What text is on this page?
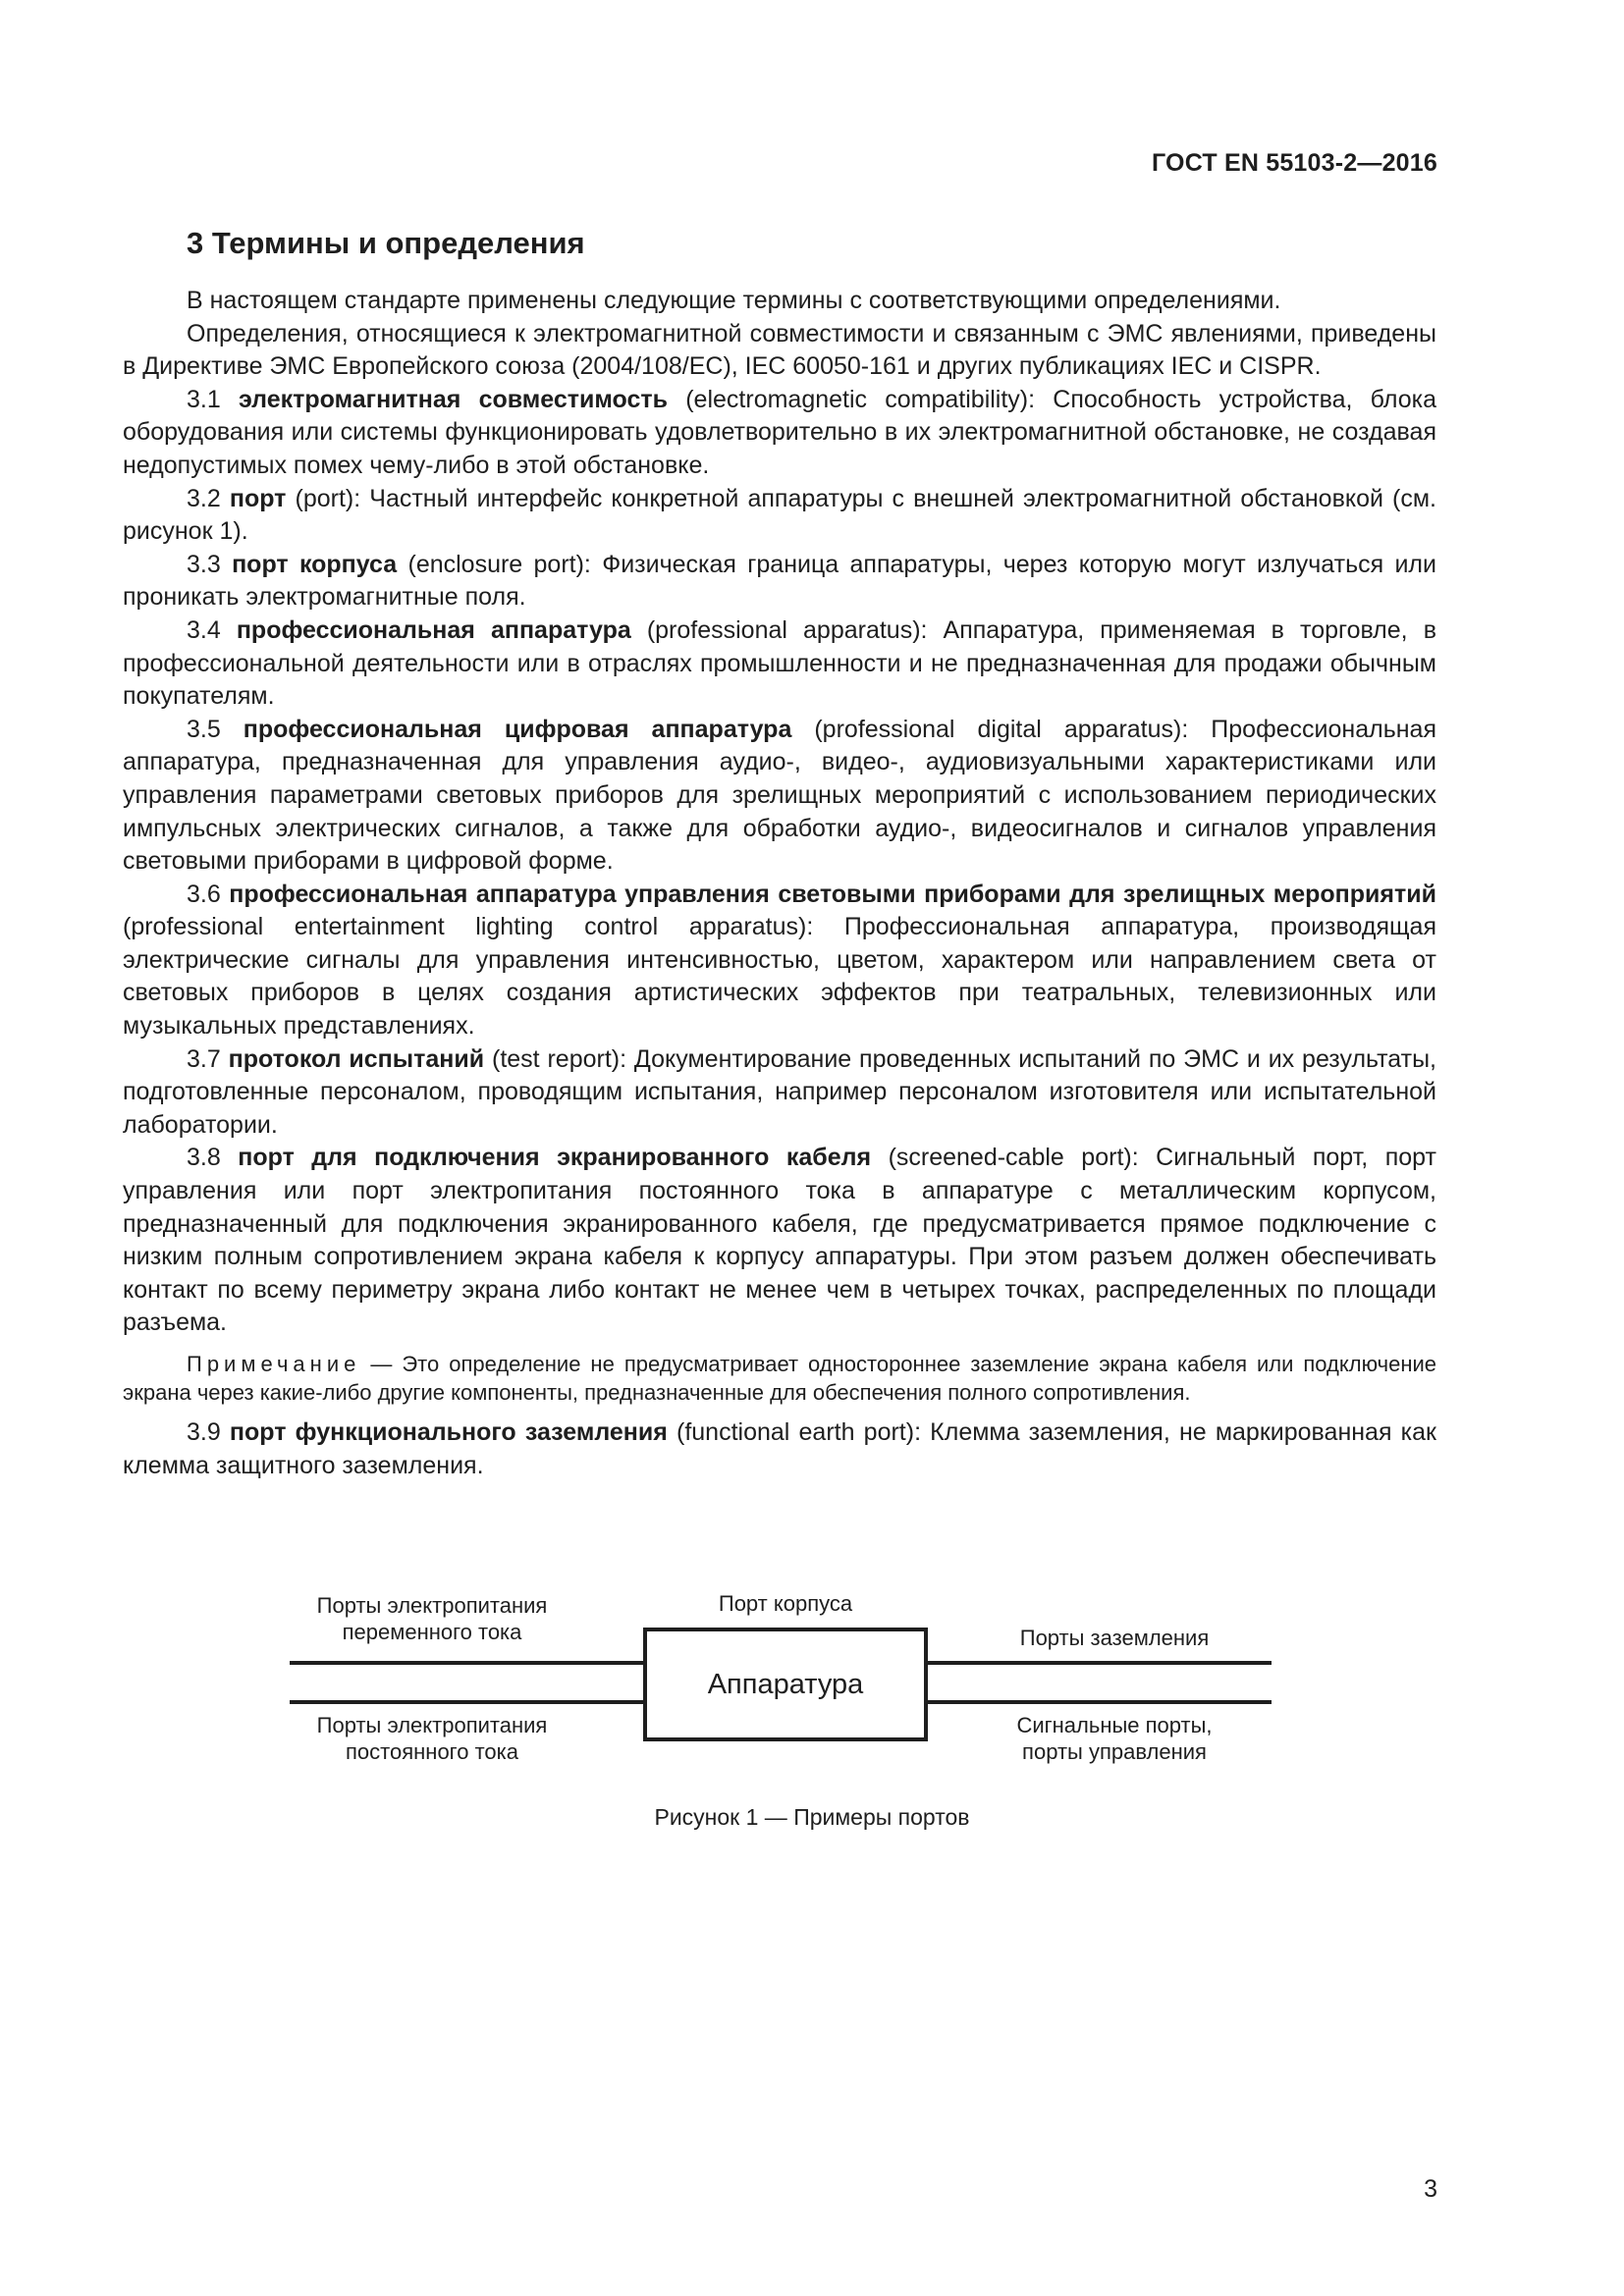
ГОСТ EN 55103-2—2016
3 Термины и определения

В настоящем стандарте применены следующие термины с соответствующими определениями.

Определения, относящиеся к электромагнитной совместимости и связанным с ЭМС явлениями, приведены в Директиве ЭМС Европейского союза (2004/108/EC), IEC 60050-161 и других публикациях IEC и CISPR.

3.1 электромагнитная совместимость (electromagnetic compatibility): Способность устройства, блока оборудования или системы функционировать удовлетворительно в их электромагнитной обстановке, не создавая недопустимых помех чему-либо в этой обстановке.

3.2 порт (port): Частный интерфейс конкретной аппаратуры с внешней электромагнитной обстановкой (см. рисунок 1).

3.3 порт корпуса (enclosure port): Физическая граница аппаратуры, через которую могут излучаться или проникать электромагнитные поля.

3.4 профессиональная аппаратура (professional apparatus): Аппаратура, применяемая в торговле, в профессиональной деятельности или в отраслях промышленности и не предназначенная для продажи обычным покупателям.

3.5 профессиональная цифровая аппаратура (professional digital apparatus): Профессиональная аппаратура, предназначенная для управления аудио-, видео-, аудиовизуальными характеристиками или управления параметрами световых приборов для зрелищных мероприятий с использованием периодических импульсных электрических сигналов, а также для обработки аудио-, видеосигналов и сигналов управления световыми приборами в цифровой форме.

3.6 профессиональная аппаратура управления световыми приборами для зрелищных мероприятий (professional entertainment lighting control apparatus): Профессиональная аппаратура, производящая электрические сигналы для управления интенсивностью, цветом, характером или направлением света от световых приборов в целях создания артистических эффектов при театральных, телевизионных или музыкальных представлениях.

3.7 протокол испытаний (test report): Документирование проведенных испытаний по ЭМС и их результаты, подготовленные персоналом, проводящим испытания, например персоналом изготовителя или испытательной лаборатории.

3.8 порт для подключения экранированного кабеля (screened-cable port): Сигнальный порт, порт управления или порт электропитания постоянного тока в аппаратуре с металлическим корпусом, предназначенный для подключения экранированного кабеля, где предусматривается прямое подключение с низким полным сопротивлением экрана кабеля к корпусу аппаратуры. При этом разъем должен обеспечивать контакт по всему периметру экрана либо контакт не менее чем в четырех точках, распределенных по площади разъема.

Примечание — Это определение не предусматривает одностороннее заземление экрана кабеля или подключение экрана через какие-либо другие компоненты, предназначенные для обеспечения полного сопротивления.

3.9 порт функционального заземления (functional earth port): Клемма заземления, не маркированная как клемма защитного заземления.

Порты электропитания
переменного тока
Порт корпуса
Порты заземления
Аппаратура
Порты электропитания
постоянного тока
Сигнальные порты,
порты управления
Рисунок 1 — Примеры портов
3
